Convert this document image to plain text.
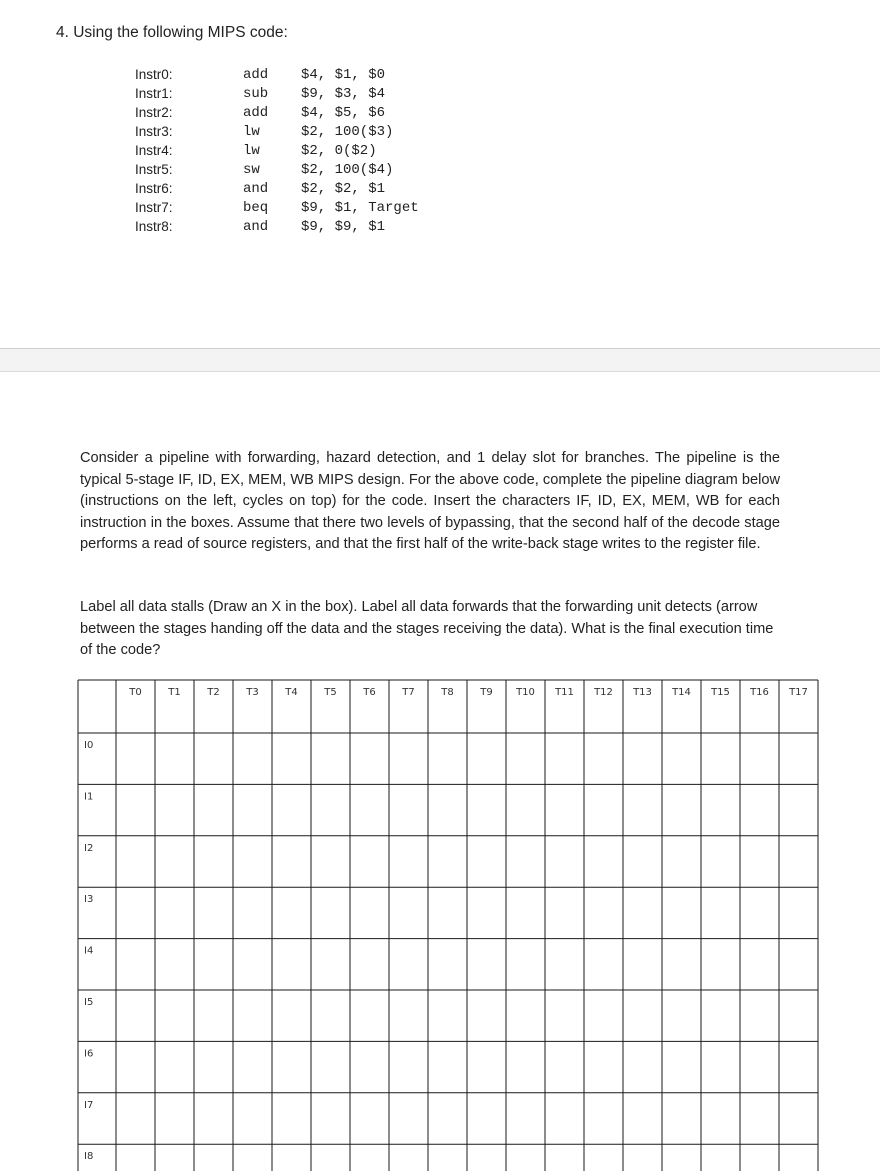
4. Using the following MIPS code:
Instr0:	add $4, $1, $0
Instr1:	sub $9, $3, $4
Instr2:	add $4, $5, $6
Instr3:	lw	$2, 100($3)
Instr4:	lw	$2, 0($2)
Instr5:	sw	$2, 100($4)
Instr6:	and $2, $2, $1
Instr7:	beq $9, $1, Target
Instr8:	and $9, $9, $1
Consider a pipeline with forwarding, hazard detection, and 1 delay slot for branches. The pipeline is the typical 5-stage IF, ID, EX, MEM, WB MIPS design. For the above code, complete the pipeline diagram below (instructions on the left, cycles on top) for the code. Insert the characters IF, ID, EX, MEM, WB for each instruction in the boxes. Assume that there two levels of bypassing, that the second half of the decode stage performs a read of source registers, and that the first half of the write-back stage writes to the register file.
Label all data stalls (Draw an X in the box). Label all data forwards that the forwarding unit detects (arrow between the stages handing off the data and the stages receiving the data). What is the final execution time of the code?
T0	T1	T2	T3	T4	T5	T6	T7	T8	T9 T10 T11 T12 T13 T14 T15 T16 T17
I0
I1
I2
I3
I4
I5
I6
I7
I8
